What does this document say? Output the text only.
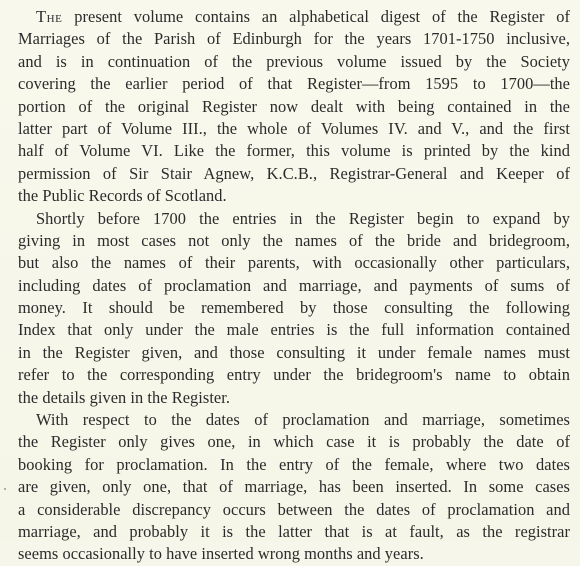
The present volume contains an alphabetical digest of the Register of
Marriages of the Parish of Edinburgh for the years 1701-1750 inclusive,
and is in continuation of the previous volume issued by the Society
covering the earlier period of that Register—from 1595 to 1700—the
portion of the original Register now dealt with being contained in the
latter part of Volume III., the whole of Volumes IV. and V., and the first
half of Volume VI. Like the former, this volume is printed by the kind
permission of Sir Stair Agnew, K.C.B., Registrar-General and Keeper of
the Public Records of Scotland.
Shortly before 1700 the entries in the Register begin to expand by
giving in most cases not only the names of the bride and bridegroom,
but also the names of their parents, with occasionally other particulars,
including dates of proclamation and marriage, and payments of sums of
money. It should be remembered by those consulting the following
Index that only under the male entries is the full information contained
in the Register given, and those consulting it under female names must
refer to the corresponding entry under the bridegroom's name to obtain
the details given in the Register.
With respect to the dates of proclamation and marriage, sometimes
the Register only gives one, in which case it is probably the date of
booking for proclamation. In the entry of the female, where two dates
are given, only one, that of marriage, has been inserted. In some cases
a considerable discrepancy occurs between the dates of proclamation and
marriage, and probably it is the latter that is at fault, as the registrar
seems occasionally to have inserted wrong months and years.
